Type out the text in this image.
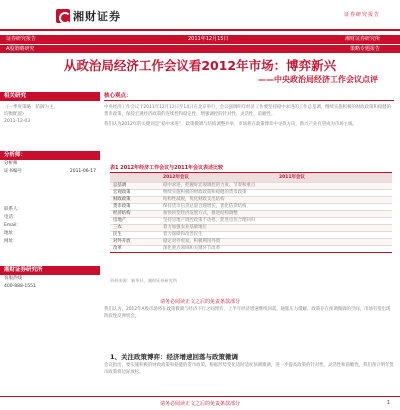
湘财证券	证券研究报告
证券研究报告	2011年12月15日	湘财证券研究所
A股策略研究	策略专题报告
从政治局经济工作会议看2012年市场：博弈新兴
——中央政治局经济工作会议点评
相关研究
《一季度策略：防御为主，
均衡配置》
2011-12-03
分析师：
分析师
证书编号	2011-06-17
联系人：
电话：
Email：
地址：
网址：
湘财证券研究所
客服热线：
400-888-1551
核心观点：

中央经济工作会议于2011年12月12日至14日在北京举行，会议强调明年经济工作要坚持稳中求进的工作总基调，继续实施积极的财政政策和稳健的货币政策，保持宏观经济政策的连续性和稳定性，增强调控的针对性、灵活性、前瞻性。

我们认为2012年的关键词是“稳中求进”，政策微调与结构调整并举，市场将在政策博弈中寻找方向，新兴产业有望成为市场主线。

表1 2012年经济工作会议与2011年会议表述比较
2012年会议	2011年会议
总基调	稳中求进，把握好宏观调控的力度、节奏和重点
宏观政策	继续实施积极的财政政策和稳健的货币政策
财政政策	结构性减税，优化财政支出结构
货币政策	保持货币信贷总量合理增长，优化信贷结构
经济结构	加快转变经济发展方式，推进结构调整
房地产	坚持房地产调控政策不动摇，促进房价合理回归
三农	着力加强农业基础地位
民生	着力保障和改善民生
对外开放	稳定对外贸易，积极利用外资
改革	深化重点领域和关键环节改革
资料来源：新华社，湘财证券研究所
请务必阅读正文之后的免责条款部分

我们认为，2012年A股市场将在政策微调与经济下行之间博弈，上半年经济增速继续回落，通胀压力缓解，政策存在预调微调的空间，市场有望出现阶段性反弹机会。

1、关注政策博弈：经济增速回落与政策微调

会议指出，要实施积极的财政政策和稳健的货币政策，根据形势变化适时适度预调微调，进一步提高政策的针对性、灵活性和前瞻性。我们预计明年货币政策将边际放松。

请务必阅读正文之后的免责条款部分	1
